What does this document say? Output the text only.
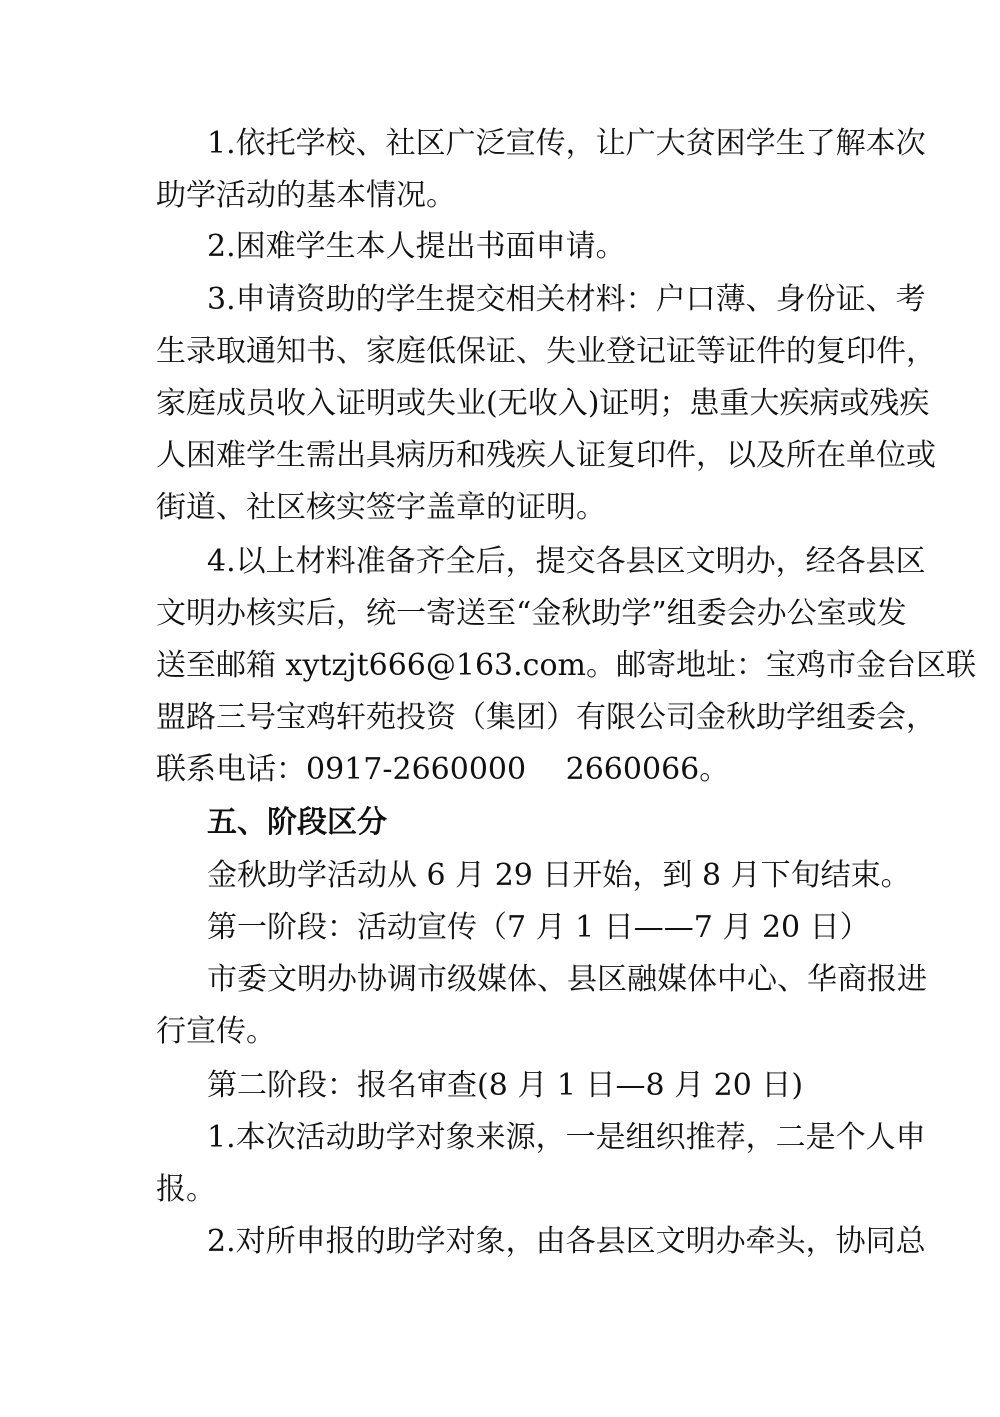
1.依托学校、社区广泛宣传，让广大贫困学生了解本次
助学活动的基本情况。
2.困难学生本人提出书面申请。
3.申请资助的学生提交相关材料：户口薄、身份证、考
生录取通知书、家庭低保证、失业登记证等证件的复印件，
家庭成员收入证明或失业(无收入)证明；患重大疾病或残疾
人困难学生需出具病历和残疾人证复印件，以及所在单位或
街道、社区核实签字盖章的证明。
4.以上材料准备齐全后，提交各县区文明办，经各县区
文明办核实后，统一寄送至“金秋助学”组委会办公室或发
送至邮箱 xytzjt666@163.com。邮寄地址：宝鸡市金台区联
盟路三号宝鸡轩苑投资（集团）有限公司金秋助学组委会，
联系电话：0917-2660000　 2660066。
五、阶段区分
金秋助学活动从 6 月 29 日开始，到 8 月下旬结束。
第一阶段：活动宣传（7 月 1 日——7 月 20 日）
市委文明办协调市级媒体、县区融媒体中心、华商报进
行宣传。
第二阶段：报名审查(8 月 1 日—8 月 20 日)
1.本次活动助学对象来源，一是组织推荐，二是个人申
报。
2.对所申报的助学对象，由各县区文明办牵头，协同总
